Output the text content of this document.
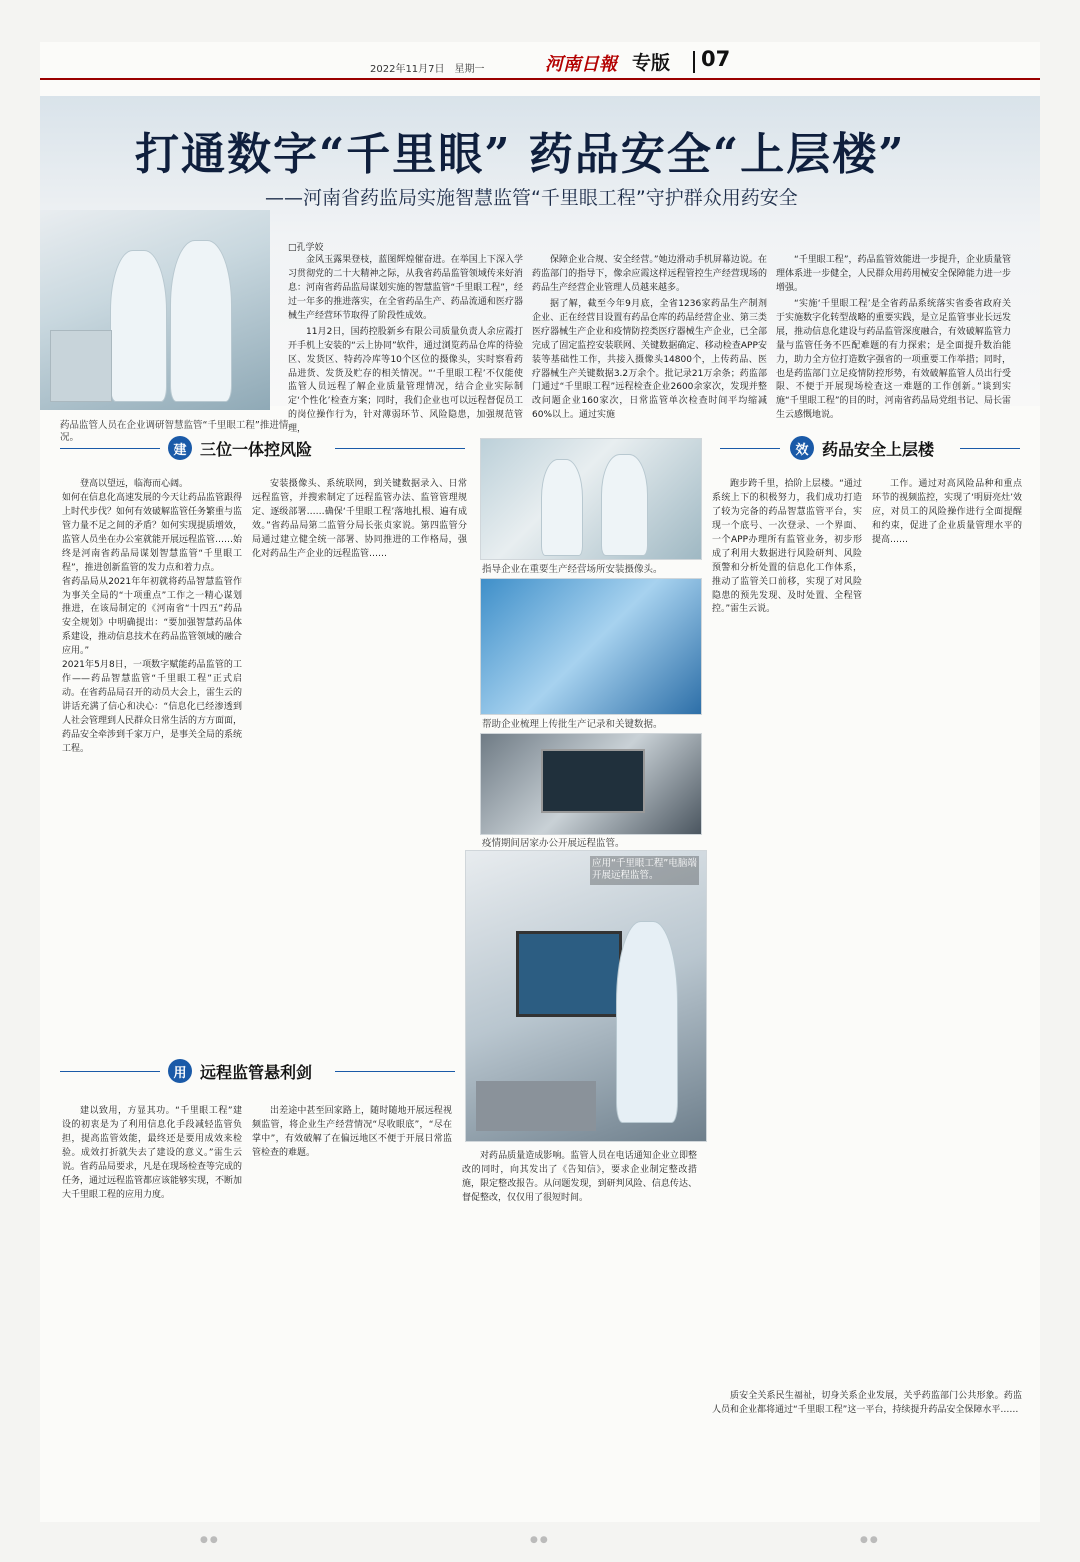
2022年11月7日　星期一	河南日報 专版 07
打通数字“千里眼” 药品安全“上层楼”
——河南省药监局实施智慧监管“千里眼工程”守护群众用药安全
药品监管人员在企业调研智慧监管“千里眼工程”推进情况。
□孔学姣

金风玉露果登枝，蓝图辉煌催奋进。在举国上下深入学习贯彻党的二十大精神之际，从我省药品监管领域传来好消息：河南省药品监局谋划实施的智慧监管“千里眼工程”，经过一年多的推进落实，在全省药品生产、药品流通和医疗器械生产经营环节取得了阶段性成效。

11月2日，国药控股新乡有限公司质量负责人余应霞打开手机上安装的“云上协同”软件，通过浏览药品仓库的待验区、发货区、特药冷库等10个区位的摄像头，实时察看药品进货、发货及贮存的相关情况。“‘千里眼工程’不仅能使监管人员远程了解企业质量管理情况，结合企业实际制定‘个性化’检查方案；同时，我们企业也可以远程督促员工的岗位操作行为，针对薄弱环节、风险隐患，加强规范管理，

保障企业合规、安全经营。”她边滑动手机屏幕边说。在药监部门的指导下，像余应霞这样远程管控生产经营现场的药品生产经营企业管理人员越来越多。

据了解，截至今年9月底，全省1236家药品生产制剂企业、正在经营目设置有药品仓库的药品经营企业、第三类医疗器械生产企业和疫情防控类医疗器械生产企业，已全部完成了固定监控安装联网、关键数据确定、移动检查APP安装等基础性工作，共接入摄像头14800个，上传药品、医疗器械生产关键数据3.2万余个。批记录21万余条；药监部门通过“千里眼工程”远程检查企业2600余家次，发现并整改问题企业160家次，日常监管单次检查时间平均缩减60%以上。通过实施

“千里眼工程”，药品监管效能进一步提升，企业质量管理体系进一步健全，人民群众用药用械安全保障能力进一步增强。

“实施‘千里眼工程’是全省药品系统落实省委省政府关于实施数字化转型战略的重要实践，是立足监管事业长远发展，推动信息化建设与药品监管深度融合，有效破解监管力量与监管任务不匹配难题的有力探索；是全面提升数治能力，助力全方位打造数字强省的一项重要工作举措；同时，也是药监部门立足疫情防控形势，有效破解监管人员出行受限、不便于开展现场检查这一难题的工作创新。”谈到实施“千里眼工程”的目的时，河南省药品局党组书记、局长雷生云感慨地说。

建 三位一体控风险

登高以望远，临海而心阔。
如何在信息化高速发展的今天让药品监管跟得上时代步伐？如何有效破解监管任务繁重与监管力量不足之间的矛盾？如何实现提质增效，监管人员坐在办公室就能开展远程监管……始终是河南省药品局谋划智慧监管“千里眼工程”，推进创新监管的发力点和着力点。
省药品局从2021年年初就将药品智慧监管作为事关全局的“十项重点”工作之一精心谋划推进，在该局制定的《河南省“十四五”药品安全规划》中明确提出：“要加强智慧药品体系建设，推动信息技术在药品监管领域的融合应用。”
2021年5月8日，一项数字赋能药品监管的工作——药品智慧监管“千里眼工程”正式启动。在省药品局召开的动员大会上，雷生云的讲话充满了信心和决心：“信息化已经渗透到人社会管理到人民群众日常生活的方方面面，药品安全牵涉到千家万户，是事关全局的系统工程。

安装摄像头、系统联网，到关键数据录入、日常远程监管，并搜索制定了远程监管办法、监管管理规定、逐级部署……确保‘千里眼工程’落地扎根、遍有成效。”省药品局第二监管分局长张贞家说。第四监管分局通过建立健全统一部署、协同推进的工作格局，强化对药品生产企业的远程监管……

指导企业在重要生产经营场所安装摄像头。
帮助企业梳理上传批生产记录和关键数据。
疫情期间居家办公开展远程监管。
应用“千里眼工程”电脑端开展远程监管。
效 药品安全上层楼

跑步跨千里，拾阶上层楼。“通过系统上下的积极努力，我们成功打造了较为完备的药品智慧监管平台，实现一个底号、一次登录、一个界面、一个APP办理所有监管业务，初步形成了利用大数据进行风险研判、风险预警和分析处置的信息化工作体系，推动了监管关口前移，实现了对风险隐患的预先发现、及时处置、全程管控。”雷生云说。

工作。通过对高风险品种和重点环节的视频监控，实现了‘明厨亮灶’效应，对员工的风险操作进行全面提醒和约束，促进了企业质量管理水平的提高……

用 远程监管悬利剑

建以致用，方显其功。“千里眼工程”建设的初衷是为了利用信息化手段减轻监管负担，提高监管效能，最终还是要用成效来检验。成效打折就失去了建设的意义。”雷生云说。省药品局要求，凡是在现场检查等完成的任务，通过远程监管都应该能够实现，不断加大千里眼工程的应用力度。

出差途中甚至回家路上，随时随地开展远程视频监管，将企业生产经营情况“尽收眼底”，“尽在掌中”，有效破解了在偏远地区不便于开展日常监管检查的难题。	对药品质量造成影响。监管人员在电话通知企业立即整改的同时，向其发出了《告知信》，要求企业制定整改措施，限定整改报告。从问题发现，到研判风险、信息传达、督促整改，仅仅用了很短时间。

质安全关系民生福祉，切身关系企业发展，关乎药监部门公共形象。药监人员和企业都将通过“千里眼工程”这一平台，持续提升药品安全保障水平……

●●	●●	●●
